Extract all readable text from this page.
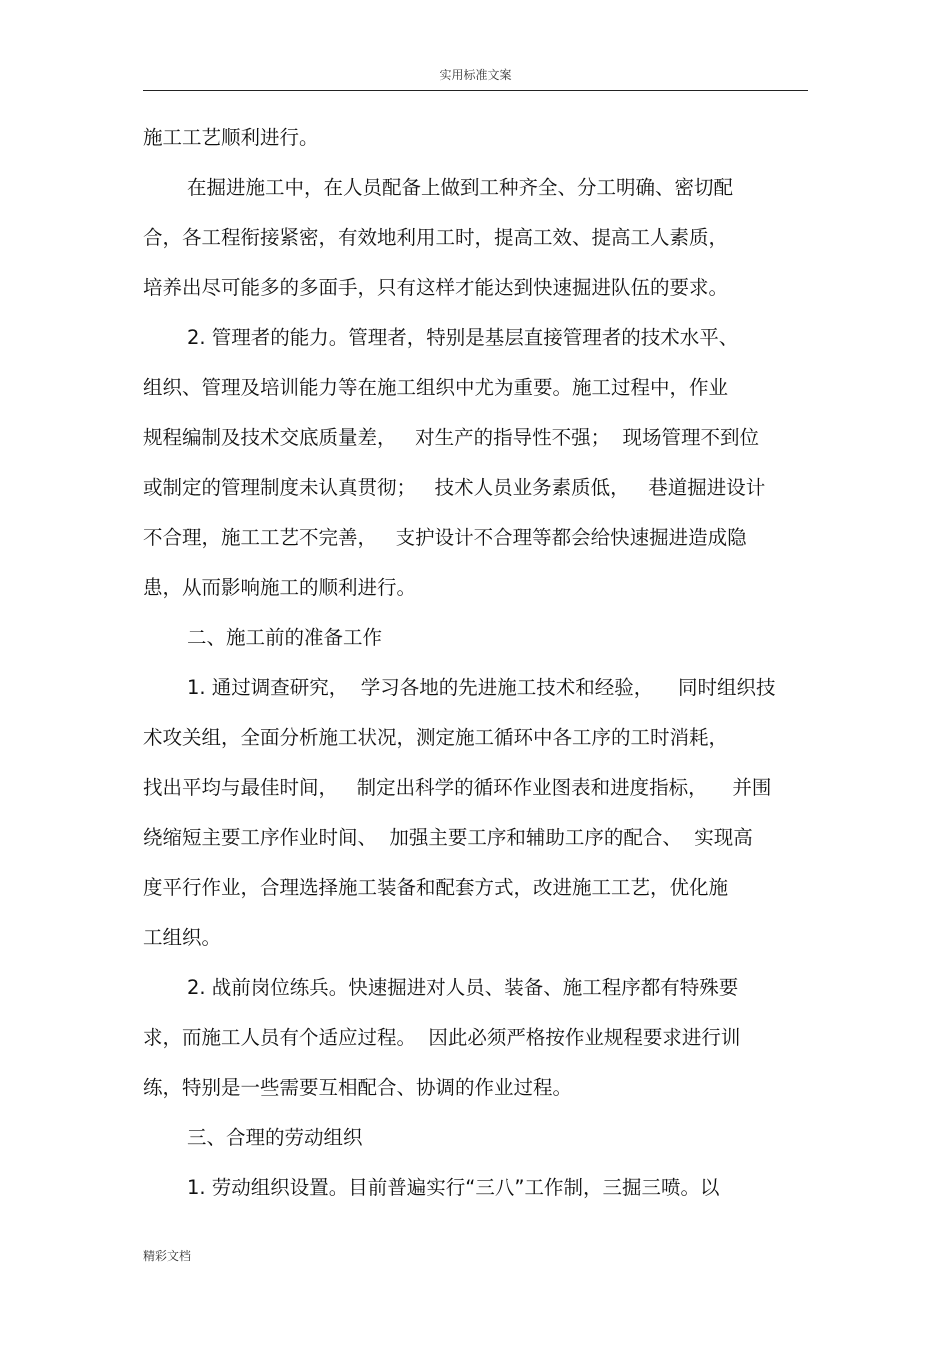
实用标准文案
施工工艺顺利进行。
在掘进施工中，在人员配备上做到工种齐全、分工明确、密切配
合，各工程衔接紧密，有效地利用工时，提高工效、提高工人素质，
培养出尽可能多的多面手，只有这样才能达到快速掘进队伍的要求。
2. 管理者的能力。管理者，特别是基层直接管理者的技术水平、
组织、管理及培训能力等在施工组织中尤为重要。施工过程中，作业
规程编制及技术交底质量差，   对生产的指导性不强；  现场管理不到位
或制定的管理制度未认真贯彻；   技术人员业务素质低，   巷道掘进设计
不合理，施工工艺不完善，   支护设计不合理等都会给快速掘进造成隐
患，从而影响施工的顺利进行。
二、施工前的准备工作
1. 通过调查研究，  学习各地的先进施工技术和经验，    同时组织技
术攻关组，全面分析施工状况，测定施工循环中各工序的工时消耗，
找出平均与最佳时间，   制定出科学的循环作业图表和进度指标，    并围
绕缩短主要工序作业时间、  加强主要工序和辅助工序的配合、  实现高
度平行作业，合理选择施工装备和配套方式，改进施工工艺，优化施
工组织。
2. 战前岗位练兵。快速掘进对人员、装备、施工程序都有特殊要
求，而施工人员有个适应过程。  因此必须严格按作业规程要求进行训
练，特别是一些需要互相配合、协调的作业过程。
三、合理的劳动组织
1. 劳动组织设置。目前普遍实行“三八”工作制，三掘三喷。以
精彩文档
